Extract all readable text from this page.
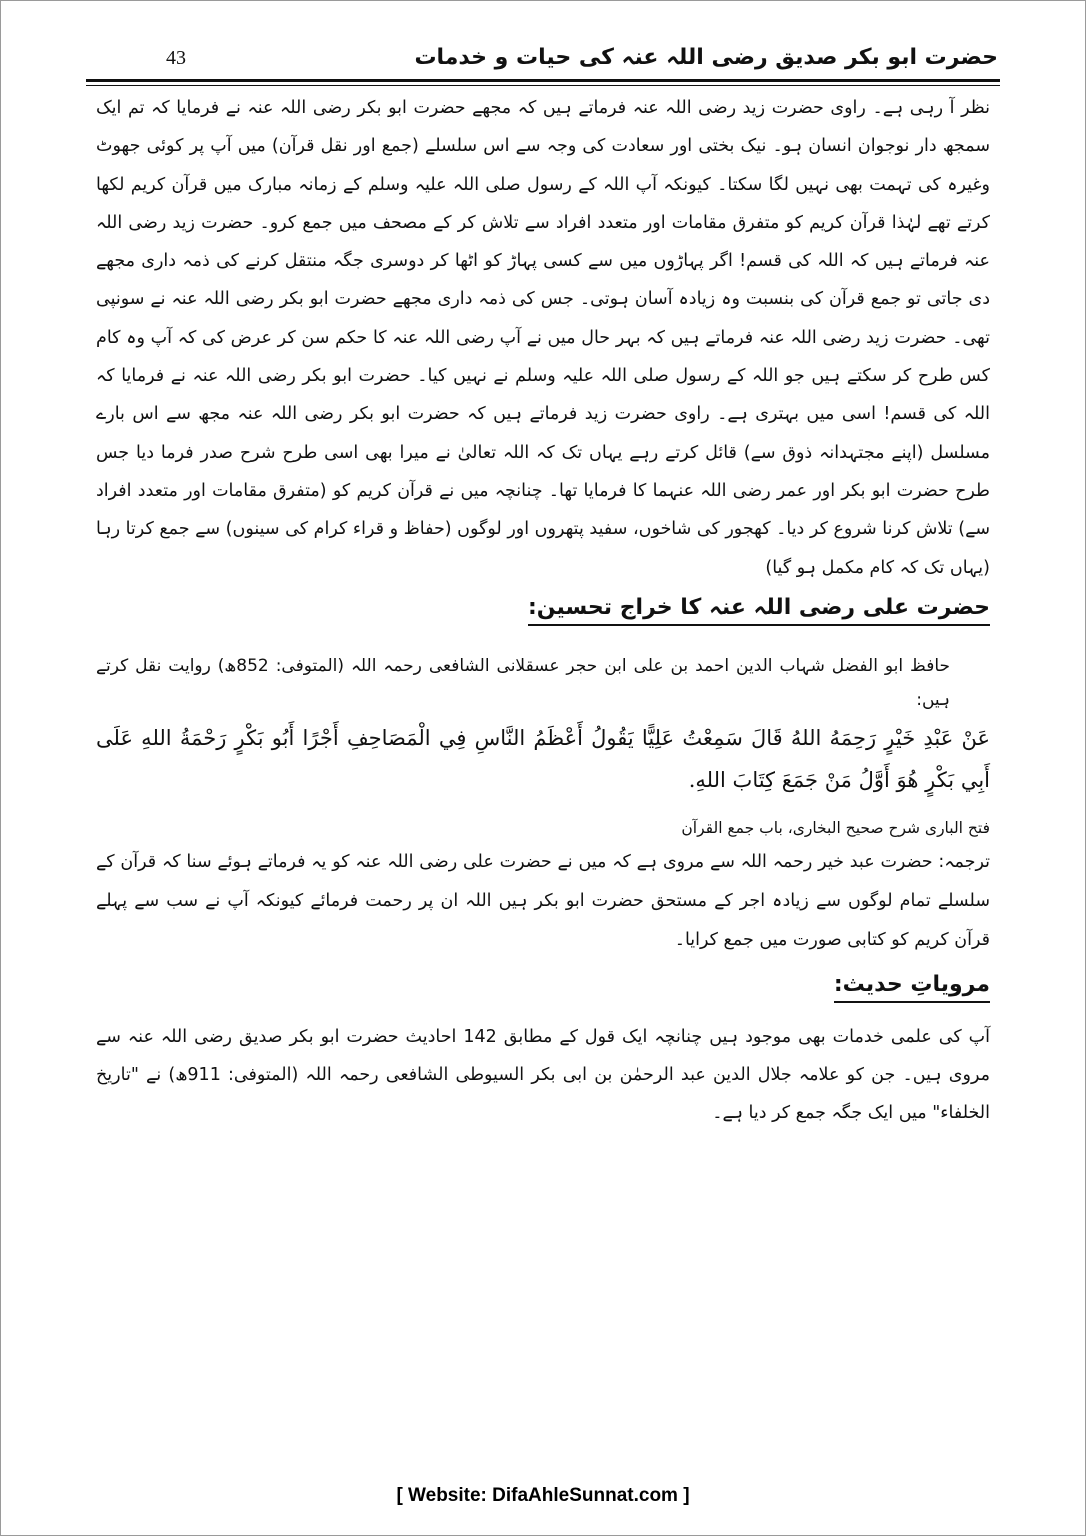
43	حضرت ابو بکر صدیق رضی اللہ عنہ کی حیات و خدمات

نظر آ رہی ہے۔ راوی حضرت زید رضی اللہ عنہ فرماتے ہیں کہ مجھے حضرت ابو بکر رضی اللہ عنہ نے فرمایا کہ تم ایک سمجھ دار نوجوان انسان ہو۔ نیک بختی اور سعادت کی وجہ سے اس سلسلے (جمع اور نقل قرآن) میں آپ پر کوئی جھوٹ وغیرہ کی تہمت بھی نہیں لگا سکتا۔ کیونکہ آپ اللہ کے رسول صلی اللہ علیہ وسلم کے زمانہ مبارک میں قرآن کریم لکھا کرتے تھے لہٰذا قرآن کریم کو متفرق مقامات اور متعدد افراد سے تلاش کر کے مصحف میں جمع کرو۔ حضرت زید رضی اللہ عنہ فرماتے ہیں کہ اللہ کی قسم! اگر پہاڑوں میں سے کسی پہاڑ کو اٹھا کر دوسری جگہ منتقل کرنے کی ذمہ داری مجھے دی جاتی تو جمع قرآن کی بنسبت وہ زیادہ آسان ہوتی۔ جس کی ذمہ داری مجھے حضرت ابو بکر رضی اللہ عنہ نے سونپی تھی۔ حضرت زید رضی اللہ عنہ فرماتے ہیں کہ بہر حال میں نے آپ رضی اللہ عنہ کا حکم سن کر عرض کی کہ آپ وہ کام کس طرح کر سکتے ہیں جو اللہ کے رسول صلی اللہ علیہ وسلم نے نہیں کیا۔ حضرت ابو بکر رضی اللہ عنہ نے فرمایا کہ اللہ کی قسم! اسی میں بہتری ہے۔ راوی حضرت زید فرماتے ہیں کہ حضرت ابو بکر رضی اللہ عنہ مجھ سے اس بارے مسلسل (اپنے مجتہدانہ ذوق سے) قائل کرتے رہے یہاں تک کہ اللہ تعالیٰ نے میرا بھی اسی طرح شرح صدر فرما دیا جس طرح حضرت ابو بکر اور عمر رضی اللہ عنہما کا فرمایا تھا۔ چنانچہ میں نے قرآن کریم کو (متفرق مقامات اور متعدد افراد سے) تلاش کرنا شروع کر دیا۔ کھجور کی شاخوں، سفید پتھروں اور لوگوں (حفاظ و قراء کرام کی سینوں) سے جمع کرتا رہا (یہاں تک کہ کام مکمل ہو گیا)

حضرت علی رضی اللہ عنہ کا خراج تحسین:

حافظ ابو الفضل شہاب الدین احمد بن علی ابن حجر عسقلانی الشافعی رحمہ اللہ (المتوفی: 852ھ) روایت نقل کرتے ہیں:

عَنْ عَبْدِ خَيْرٍ رَحِمَهُ اللهُ قَالَ سَمِعْتُ عَلِيًّا يَقُولُ أَعْظَمُ النَّاسِ فِي الْمَصَاحِفِ أَجْرًا أَبُو بَكْرٍ رَحْمَةُ اللهِ عَلَى أَبِي بَكْرٍ هُوَ أَوَّلُ مَنْ جَمَعَ كِتَابَ اللهِ.

فتح الباری شرح صحیح البخاری، باب جمع القرآن

ترجمہ: حضرت عبد خیر رحمہ اللہ سے مروی ہے کہ میں نے حضرت علی رضی اللہ عنہ کو یہ فرماتے ہوئے سنا کہ قرآن کے سلسلے تمام لوگوں سے زیادہ اجر کے مستحق حضرت ابو بکر ہیں اللہ ان پر رحمت فرمائے کیونکہ آپ نے سب سے پہلے قرآن کریم کو کتابی صورت میں جمع کرایا۔

مرویاتِ حدیث:

آپ کی علمی خدمات بھی موجود ہیں چنانچہ ایک قول کے مطابق 142 احادیث حضرت ابو بکر صدیق رضی اللہ عنہ سے مروی ہیں۔ جن کو علامہ جلال الدین عبد الرحمٰن بن ابی بکر السیوطی الشافعی رحمہ اللہ (المتوفی: 911ھ) نے "تاریخ الخلفاء" میں ایک جگہ جمع کر دیا ہے۔

[ Website: DifaAhleSunnat.com ]
